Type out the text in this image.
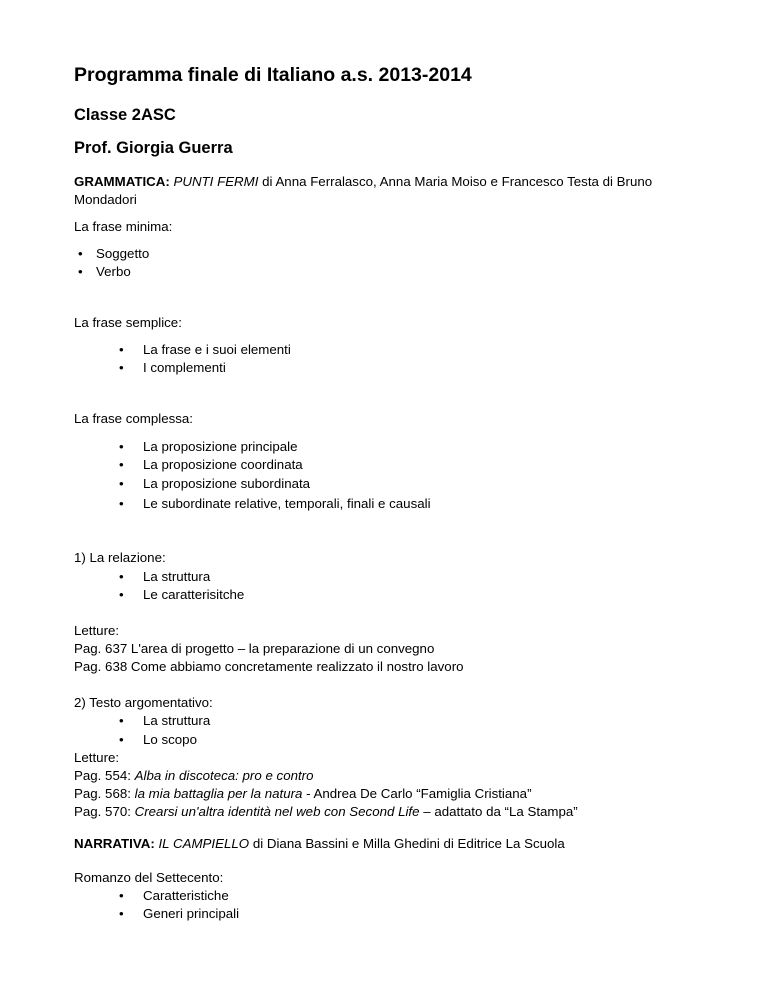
Programma finale di Italiano a.s. 2013-2014
Classe 2ASC
Prof. Giorgia Guerra
GRAMMATICA: PUNTI FERMI di Anna Ferralasco, Anna Maria Moiso e Francesco Testa di Bruno Mondadori
La frase minima:
• Soggetto
• Verbo
La frase semplice:
• La frase e i suoi elementi
• I complementi
La frase complessa:
• La proposizione principale
• La proposizione coordinata
• La proposizione subordinata
• Le subordinate relative, temporali, finali e causali
1) La relazione:
• La struttura
• Le caratterisitche
Letture:
Pag. 637 L'area di progetto – la preparazione di un convegno
Pag. 638 Come abbiamo concretamente realizzato il nostro lavoro
2) Testo argomentativo:
• La struttura
• Lo scopo
Letture:
Pag. 554: Alba in discoteca: pro e contro
Pag. 568: la mia battaglia per la natura - Andrea De Carlo “Famiglia Cristiana”
Pag. 570: Crearsi un'altra identità nel web con Second Life – adattato da “La Stampa”
NARRATIVA: IL CAMPIELLO di Diana Bassini e Milla Ghedini di Editrice La Scuola
Romanzo del Settecento:
• Caratteristiche
• Generi principali
